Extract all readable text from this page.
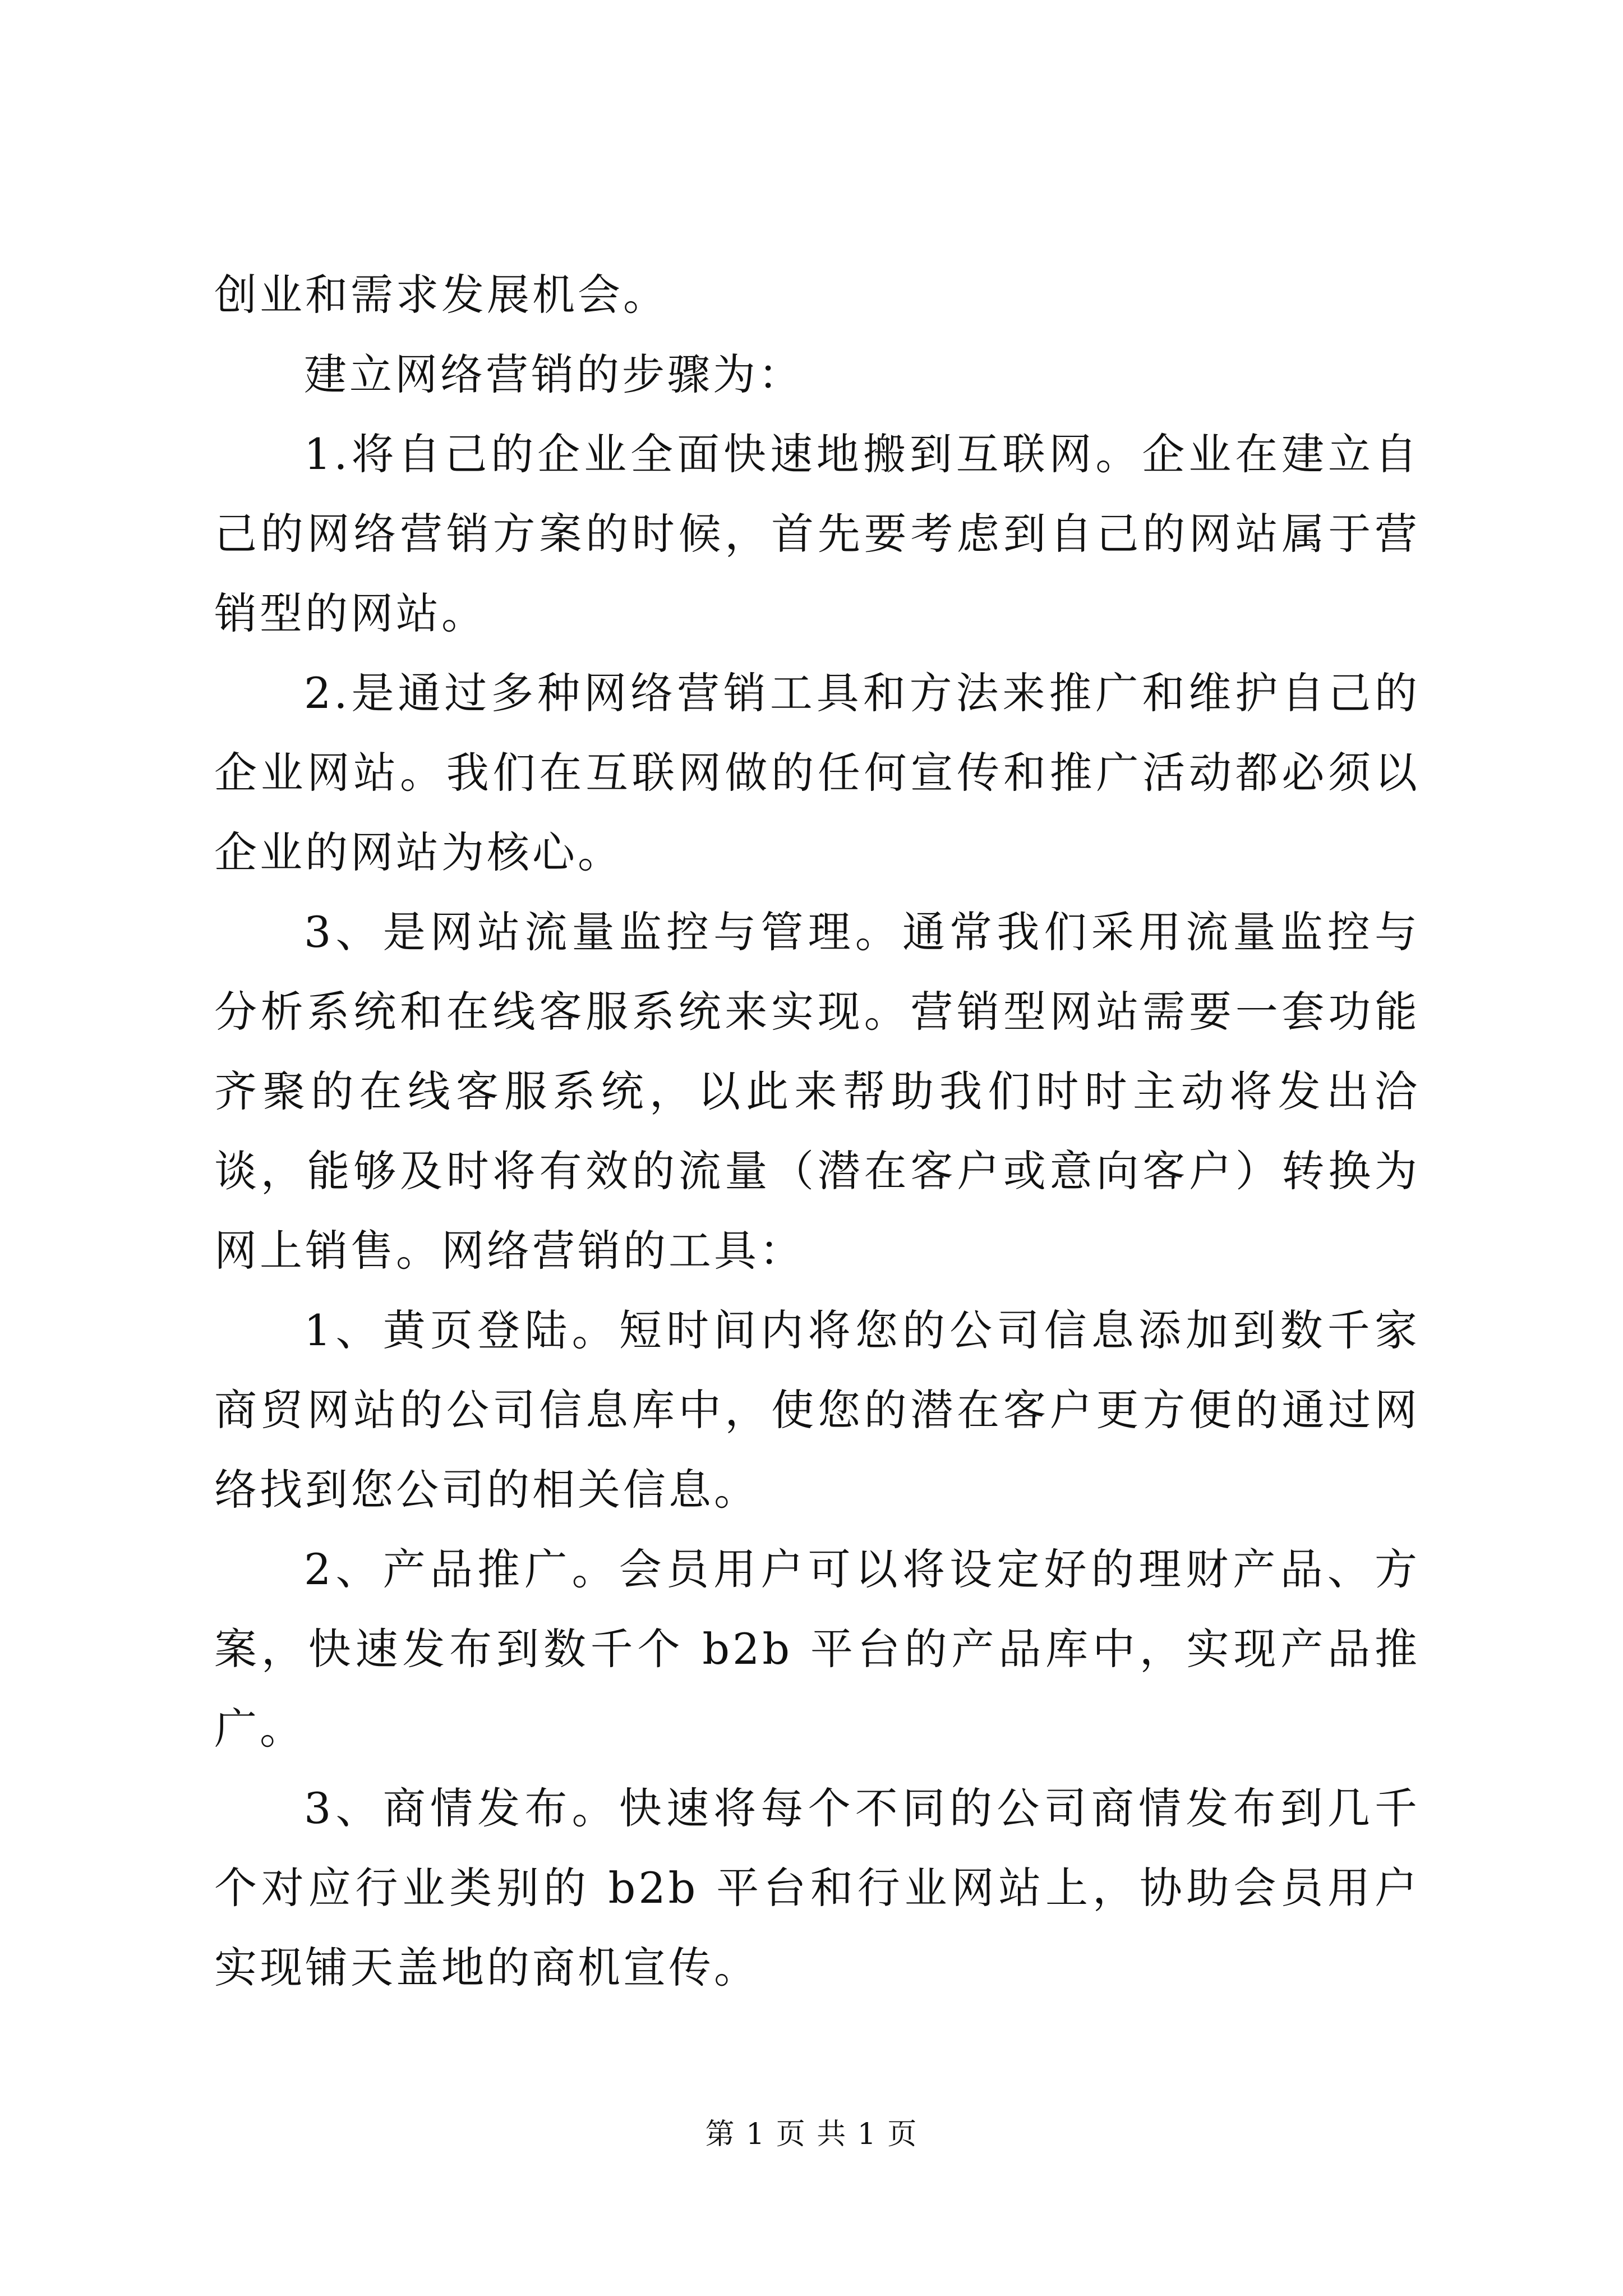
创业和需求发展机会。

建立网络营销的步骤为：

1.将自己的企业全面快速地搬到互联网。企业在建立自己的网络营销方案的时候，首先要考虑到自己的网站属于营销型的网站。

2.是通过多种网络营销工具和方法来推广和维护自己的企业网站。我们在互联网做的任何宣传和推广活动都必须以企业的网站为核心。

3、是网站流量监控与管理。通常我们采用流量监控与分析系统和在线客服系统来实现。营销型网站需要一套功能齐聚的在线客服系统，以此来帮助我们时时主动将发出洽谈，能够及时将有效的流量（潜在客户或意向客户）转换为网上销售。网络营销的工具：

1、黄页登陆。短时间内将您的公司信息添加到数千家商贸网站的公司信息库中，使您的潜在客户更方便的通过网络找到您公司的相关信息。

2、产品推广。会员用户可以将设定好的理财产品、方案，快速发布到数千个 b2b 平台的产品库中，实现产品推广。

3、商情发布。快速将每个不同的公司商情发布到几千个对应行业类别的 b2b 平台和行业网站上，协助会员用户实现铺天盖地的商机宣传。

第 1 页 共 1 页
